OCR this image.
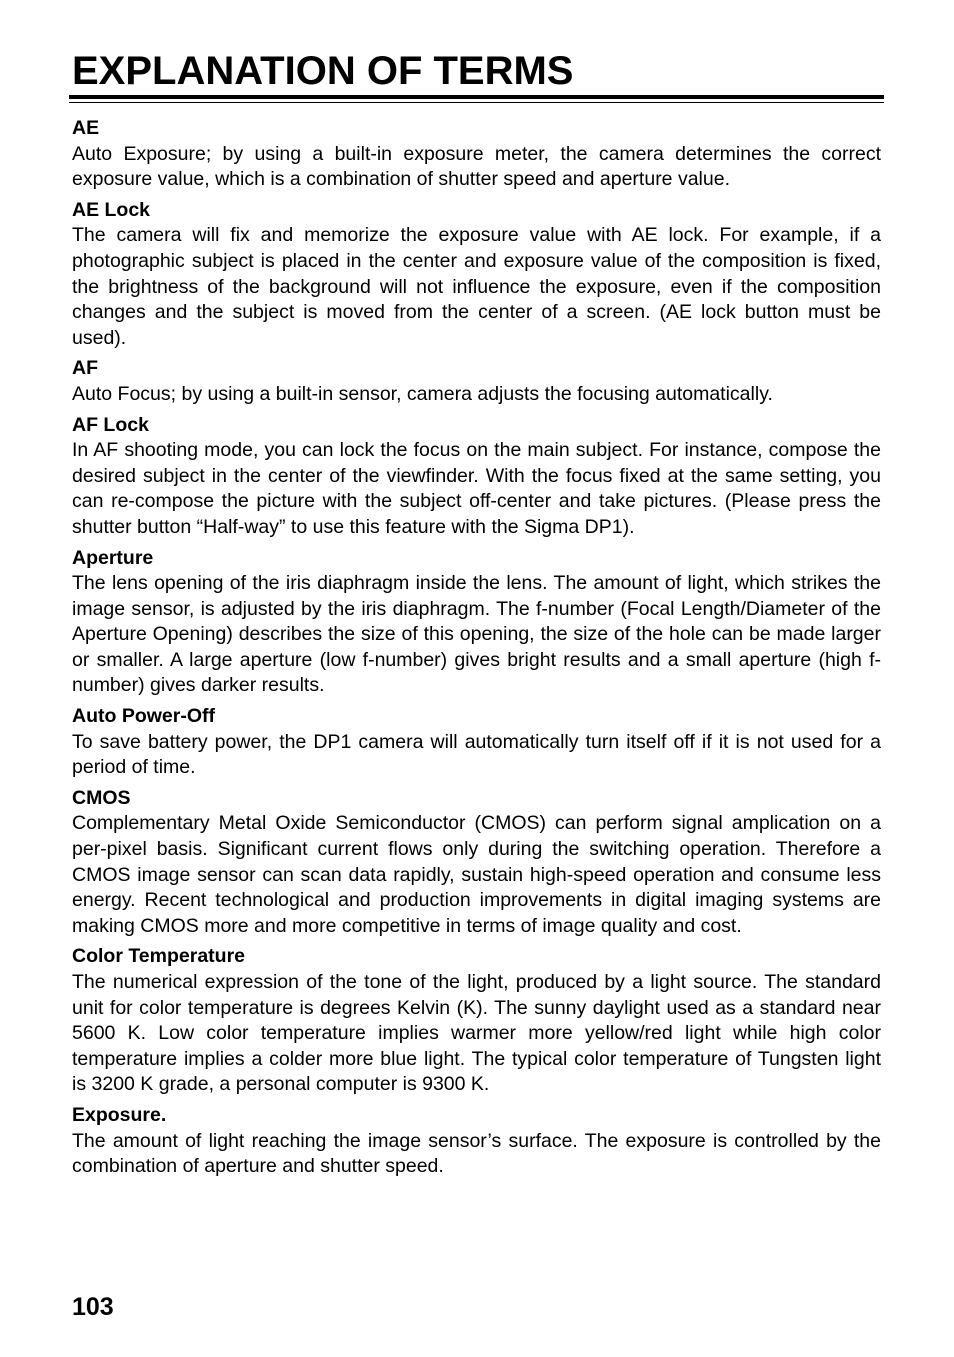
EXPLANATION OF TERMS

AE

Auto Exposure; by using a built-in exposure meter, the camera determines the correct exposure value, which is a combination of shutter speed and aperture value.

AE Lock

The camera will fix and memorize the exposure value with AE lock. For example, if a photographic subject is placed in the center and exposure value of the composition is fixed, the brightness of the background will not influence the exposure, even if the composition changes and the subject is moved from the center of a screen. (AE lock button must be used).

AF

Auto Focus; by using a built-in sensor, camera adjusts the focusing automatically.

AF Lock

In AF shooting mode, you can lock the focus on the main subject. For instance, compose the desired subject in the center of the viewfinder. With the focus fixed at the same setting, you can re-compose the picture with the subject off-center and take pictures. (Please press the shutter button “Half-way” to use this feature with the Sigma DP1).

Aperture

The lens opening of the iris diaphragm inside the lens. The amount of light, which strikes the image sensor, is adjusted by the iris diaphragm. The f-number (Focal Length/Diameter of the Aperture Opening) describes the size of this opening, the size of the hole can be made larger or smaller. A large aperture (low f-number) gives bright results and a small aperture (high f-number) gives darker results.

Auto Power-Off

To save battery power, the DP1 camera will automatically turn itself off if it is not used for a period of time.

CMOS

Complementary Metal Oxide Semiconductor (CMOS) can perform signal amplication on a per-pixel basis. Significant current flows only during the switching operation. Therefore a CMOS image sensor can scan data rapidly, sustain high-speed operation and consume less energy. Recent technological and production improvements in digital imaging systems are making CMOS more and more competitive in terms of image quality and cost.

Color Temperature

The numerical expression of the tone of the light, produced by a light source. The standard unit for color temperature is degrees Kelvin (K). The sunny daylight used as a standard near 5600 K. Low color temperature implies warmer more yellow/red light while high color temperature implies a colder more blue light. The typical color temperature of Tungsten light is 3200 K grade, a personal computer is 9300 K.

Exposure.

The amount of light reaching the image sensor’s surface. The exposure is controlled by the combination of aperture and shutter speed.

103
